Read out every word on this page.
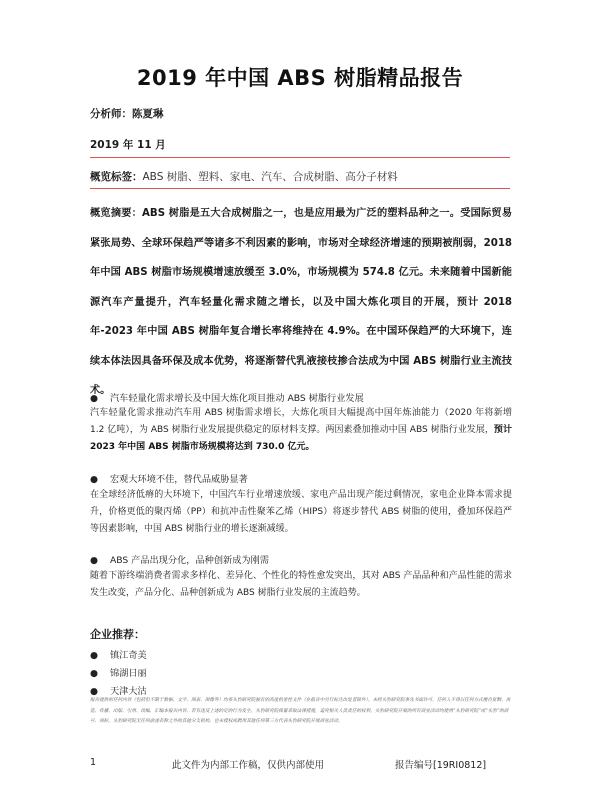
2019 年中国 ABS 树脂精品报告
分析师：陈夏琳
2019 年 11 月
概览标签：ABS 树脂、塑料、家电、汽车、合成树脂、高分子材料
概览摘要：ABS 树脂是五大合成树脂之一，也是应用最为广泛的塑料品种之一。受国际贸易紧张局势、全球环保趋严等诸多不利因素的影响，市场对全球经济增速的预期被削弱，2018 年中国 ABS 树脂市场规模增速放缓至 3.0%，市场规模为 574.8 亿元。未来随着中国新能源汽车产量提升，汽车轻量化需求随之增长，以及中国大炼化项目的开展，预计 2018 年-2023 年中国 ABS 树脂年复合增长率将维持在 4.9%。在中国环保趋严的大环境下，连续本体法因具备环保及成本优势，将逐渐替代乳液接枝掺合法成为中国 ABS 树脂行业主流技术。
● 汽车轻量化需求增长及中国大炼化项目推动 ABS 树脂行业发展
汽车轻量化需求推动汽车用 ABS 树脂需求增长，大炼化项目大幅提高中国年炼油能力（2020 年将新增 1.2 亿吨），为 ABS 树脂行业发展提供稳定的原材料支撑。两因素叠加推动中国 ABS 树脂行业发展，预计 2023 年中国 ABS 树脂市场规模将达到 730.0 亿元。
● 宏观大环境不佳，替代品威胁显著
在全球经济低瘠的大环境下，中国汽车行业增速放缓、家电产品出现产能过剩情况，家电企业降本需求提升，价格更低的聚丙烯（PP）和抗冲击性聚苯乙烯（HIPS）将逐步替代 ABS 树脂的使用，叠加环保趋严等因素影响，中国 ABS 树脂行业的增长逐渐减缓。
● ABS 产品出现分化，品种创新成为刚需
随着下游终端消费者需求多样化、差异化、个性化的特性愈发突出，其对 ABS 产品品种和产品性能的需求发生改变，产品分化、品种创新成为 ABS 树脂行业发展的主流趋势。
企业推荐：
● 镇江奇美
● 锦湖日丽
● 天津大沽
报告提供的任何内容（包括但不限于数据、文字、图表、图像等）均系头豹研究院独有的高度机密性文件（在报告中另行标注出处者除外）。未经头豹研究院事先书面许可，任何人不得以任何方式擅自复制、再造、传播、出版、引用、改编、汇编本报告内容，若有违反上述约定的行为发生，头豹研究院保留采取法律措施，追究相关人员责任的权利。头豹研究院开展的所有商业活动均使用“头豹研究院”或“头豹”的商号、商标，头豹研究院无任何前述名称之外的其他分支机构，也未授权或聘用其他任何第三方代表头豹研究院开展商业活动。
1	此文件为内部工作稿，仅供内部使用	报告编号[19RI0812]
